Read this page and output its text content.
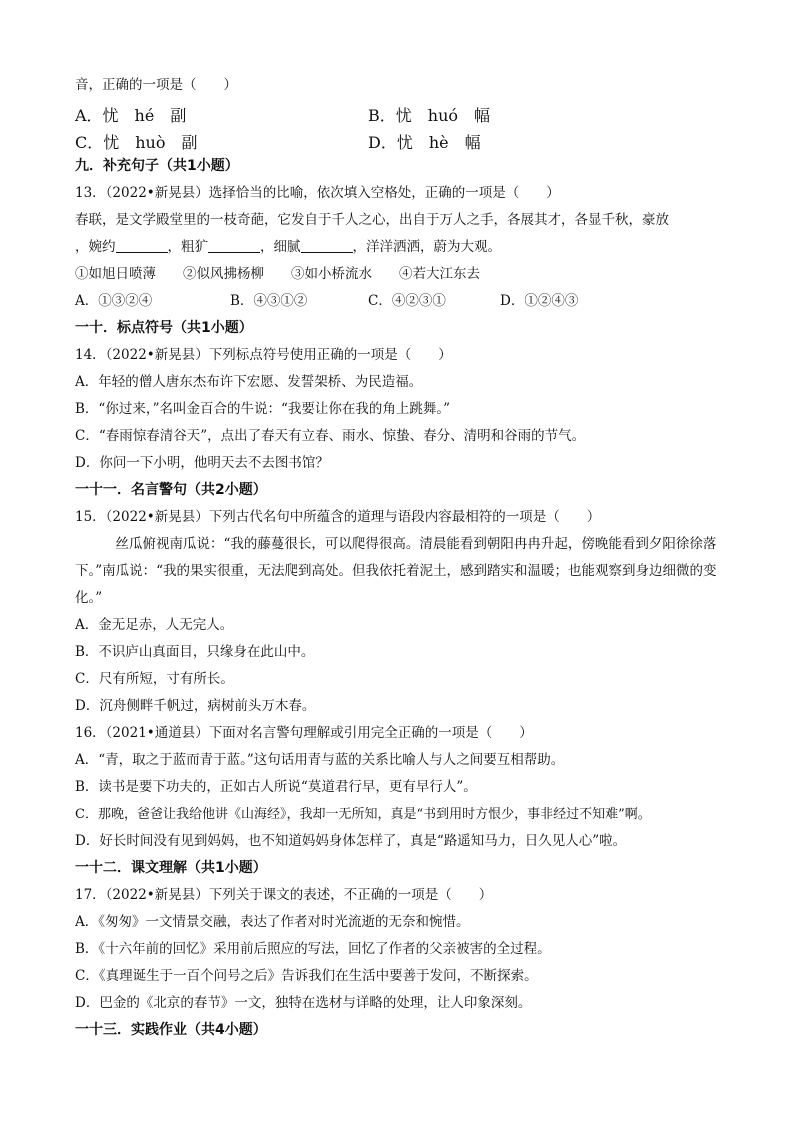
音，正确的一项是（　　）
A．忧　hé　副	B．忧　huó　幅
C．忧　huò　副	D．忧　hè　幅
九．补充句子（共1小题）
13．（2022•新晃县）选择恰当的比喻，依次填入空格处，正确的一项是（　　）
春联，是文学殿堂里的一枝奇葩，它发自于千人之心，出自于万人之手，各展其才，各显千秋，豪放
，婉约	，粗犷	，细腻	，洋洋洒洒，蔚为大观。
①如旭日喷薄　　②似风拂杨柳　　③如小桥流水　　④若大江东去
A．①③②④	B．④③①②	C．④②③①	D．①②④③
一十．标点符号（共1小题）
14．（2022•新晃县）下列标点符号使用正确的一项是（　　）
A．年轻的僧人唐东杰布许下宏愿、发誓架桥、为民造福。
B．“你过来，”名叫金百合的牛说：“我要让你在我的角上跳舞。”
C．“春雨惊春清谷天”，点出了春天有立春、雨水、惊蛰、春分、清明和谷雨的节气。
D．你问一下小明，他明天去不去图书馆？
一十一．名言警句（共2小题）
15．（2022•新晃县）下列古代名句中所蕴含的道理与语段内容最相符的一项是（　　）

丝瓜俯视南瓜说：“我的藤蔓很长，可以爬得很高。清晨能看到朝阳冉冉升起，傍晚能看到夕阳徐徐落下。”南瓜说：“我的果实很重，无法爬到高处。但我依托着泥土，感到踏实和温暖；也能观察到身边细微的变化。”

A．金无足赤，人无完人。
B．不识庐山真面目，只缘身在此山中。
C．尺有所短，寸有所长。
D．沉舟侧畔千帆过，病树前头万木春。
16．（2021•通道县）下面对名言警句理解或引用完全正确的一项是（　　）
A．“青，取之于蓝而青于蓝。”这句话用青与蓝的关系比喻人与人之间要互相帮助。
B．读书是要下功夫的，正如古人所说“莫道君行早，更有早行人”。
C．那晚，爸爸让我给他讲《山海经》，我却一无所知，真是“书到用时方恨少，事非经过不知难”啊。
D．好长时间没有见到妈妈，也不知道妈妈身体怎样了，真是“路遥知马力，日久见人心”啦。
一十二．课文理解（共1小题）
17．（2022•新晃县）下列关于课文的表述，不正确的一项是（　　）
A．《匆匆》一文情景交融，表达了作者对时光流逝的无奈和惋惜。
B．《十六年前的回忆》采用前后照应的写法，回忆了作者的父亲被害的全过程。
C．《真理诞生于一百个问号之后》告诉我们在生活中要善于发问，不断探索。
D．巴金的《北京的春节》一文，独特在选材与详略的处理，让人印象深刻。
一十三．实践作业（共4小题）
